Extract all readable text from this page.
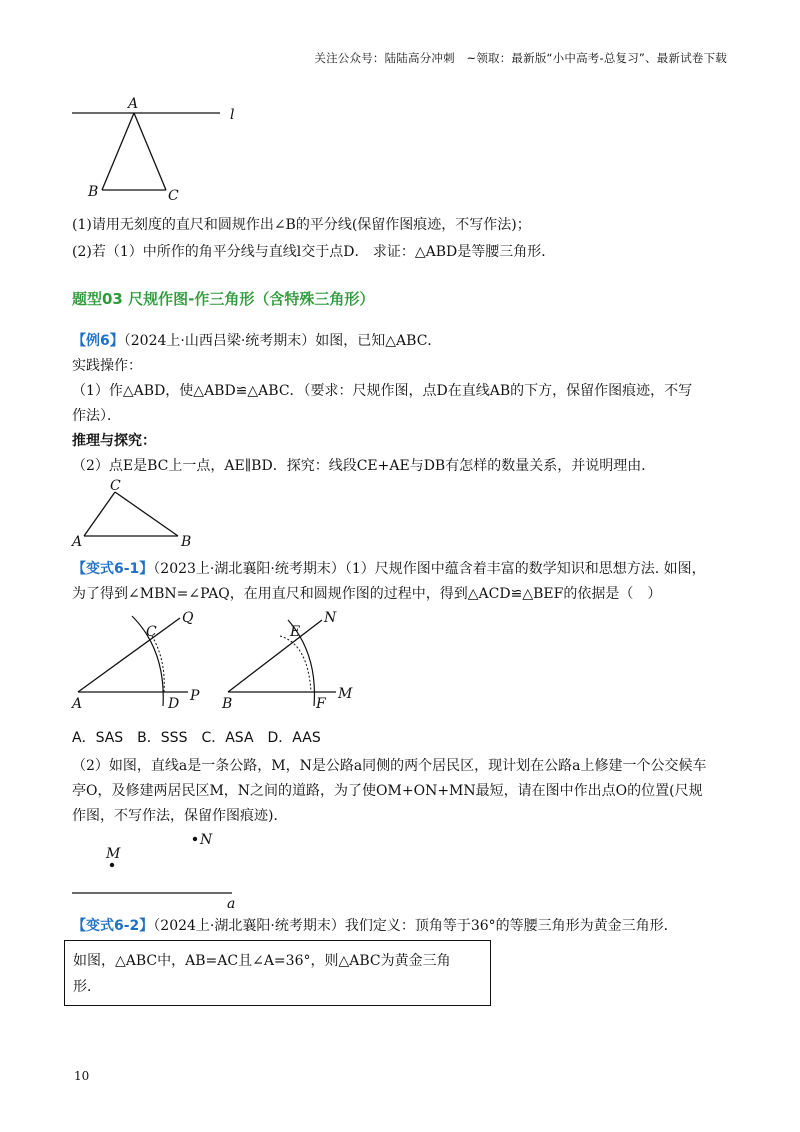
关注公众号：陆陆高分冲刺　~领取：最新版“小中高考-总复习”、最新试卷下载
A
B	C
l
(1)请用无刻度的直尺和圆规作出∠B的平分线(保留作图痕迹，不写作法)；
(2)若（1）中所作的角平分线与直线l交于点D． 求证：△ABD是等腰三角形．
题型03 尺规作图-作三角形（含特殊三角形）
【例6】（2024上·山西吕梁·统考期末）如图，已知△ABC．
实践操作：
（1）作△ABD，使△ABD≌△ABC．（要求：尺规作图，点D在直线AB的下方，保留作图痕迹，不写
作法）．
推理与探究：
（2）点E是BC上一点，AE∥BD．探究：线段CE+AE与DB有怎样的数量关系，并说明理由．
C
A	B
【变式6-1】（2023上·湖北襄阳·统考期末）（1）尺规作图中蕴含着丰富的数学知识和思想方法. 如图，
为了得到∠MBN=∠PAQ，在用直尺和圆规作图的过程中，得到△ACD≌△BEF的依据是（　）
C
Q
A	D P
E
N
B	F
M
A．SAS　B．SSS　C．ASA　D．AAS
（2）如图，直线a是一条公路，M，N是公路a同侧的两个居民区，现计划在公路a上修建一个公交候车
亭O，及修建两居民区M，N之间的道路，为了使OM+ON+MN最短，请在图中作出点O的位置(尺规
作图，不写作法，保留作图痕迹)．
N
M
a
【变式6-2】（2024上·湖北襄阳·统考期末）我们定义：顶角等于36°的等腰三角形为黄金三角形．
如图，△ABC中，AB=AC且∠A=36°，则△ABC为黄金三角
形．
10
